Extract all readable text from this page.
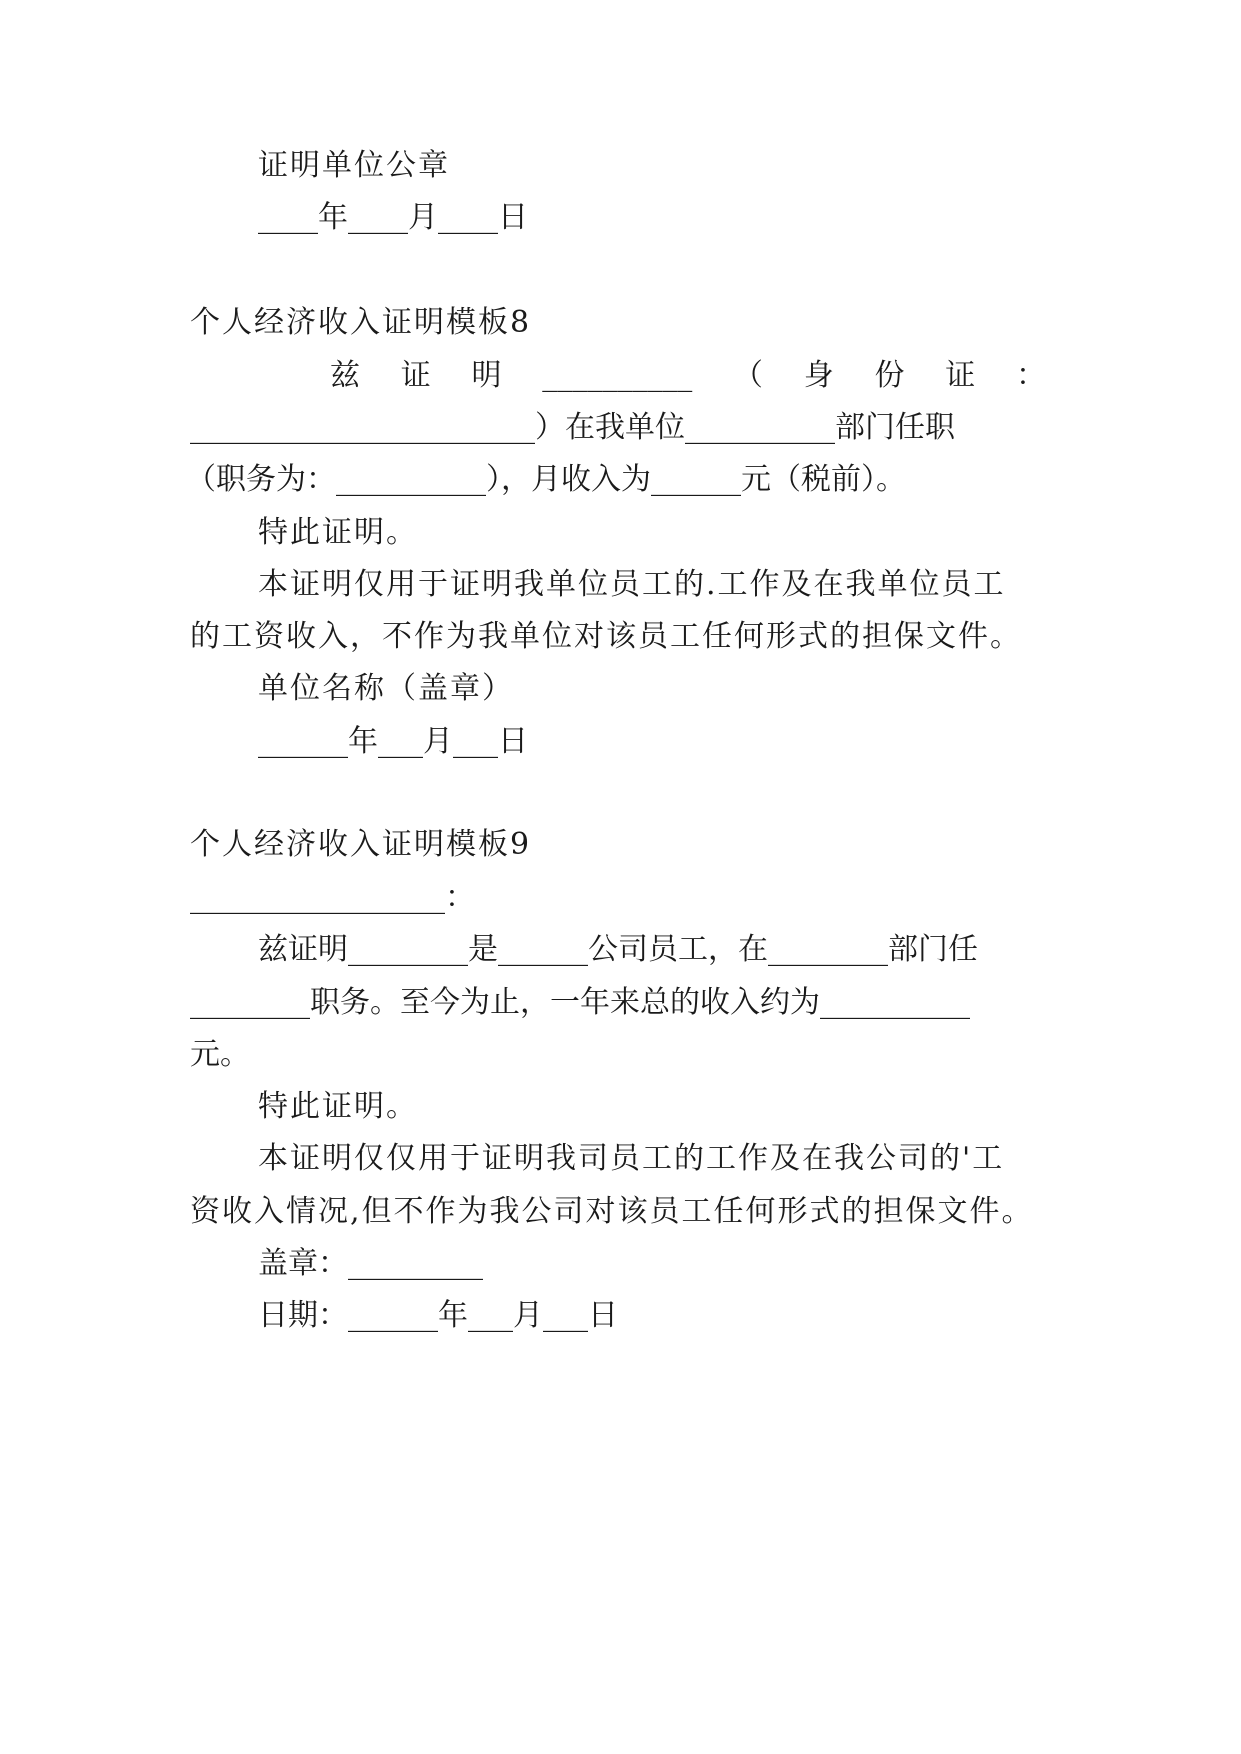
证明单位公章
____年____月____日
个人经济收入证明模板8
兹 证 明 __________ （ 身 份 证 ：
_______________________）在我单位__________部门任职
（职务为：__________），月收入为______元（税前）。
特此证明。
本证明仅用于证明我单位员工的.工作及在我单位员工
的工资收入，不作为我单位对该员工任何形式的担保文件。
单位名称（盖章）
______年___月___日
个人经济收入证明模板9
_________________：
兹证明________是______公司员工，在________部门任
________职务。至今为止，一年来总的收入约为__________
元。
特此证明。
本证明仅仅用于证明我司员工的工作及在我公司的'工
资收入情况,但不作为我公司对该员工任何形式的担保文件。
盖章：_________
日期：______年___月___日
